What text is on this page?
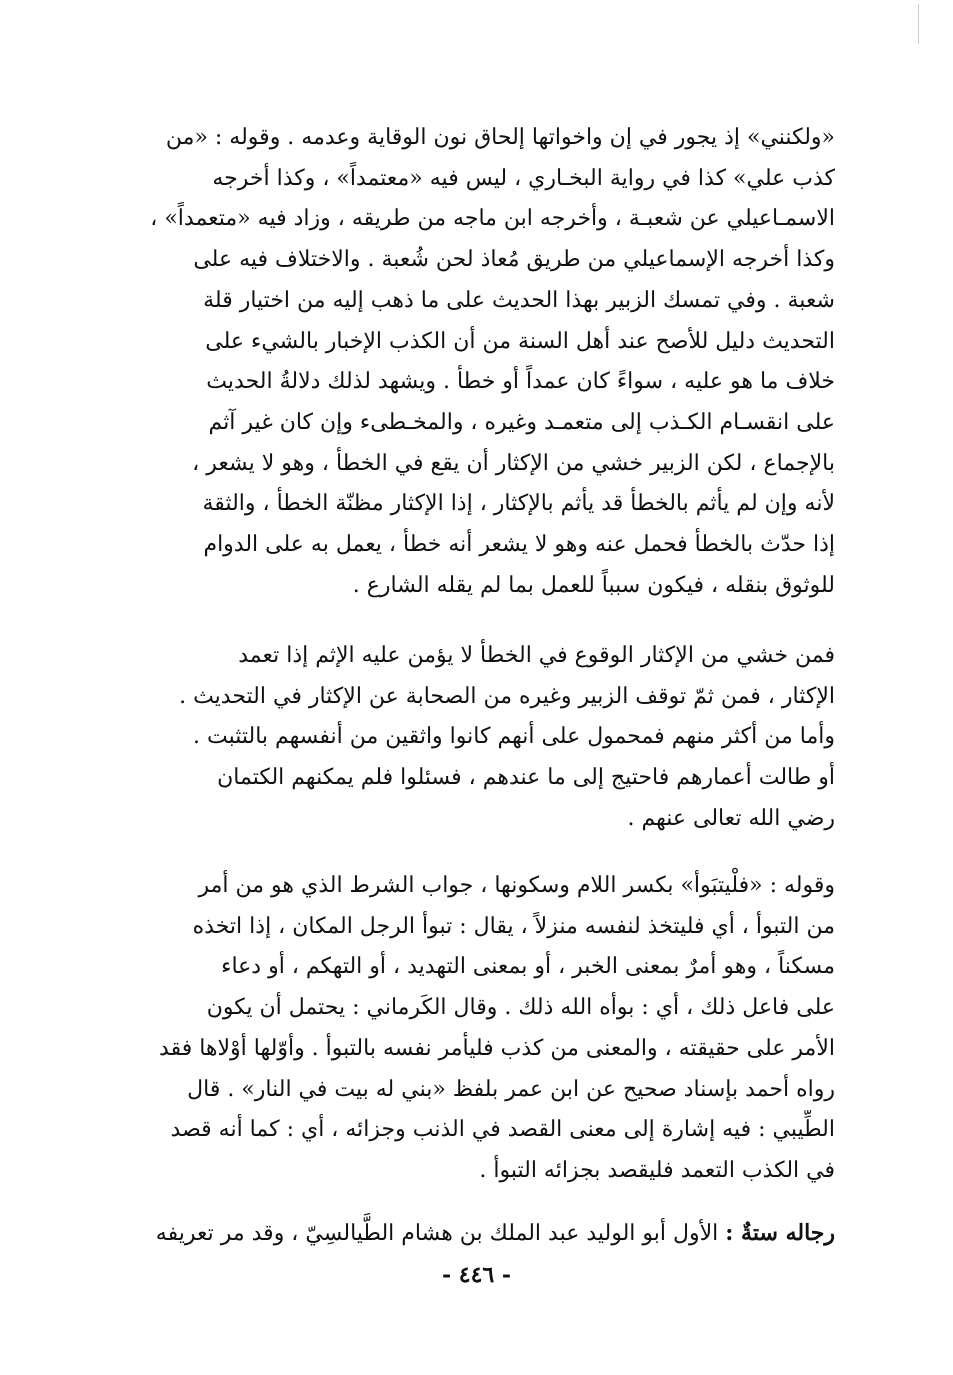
«ولكنني» إذ يجور في إن واخواتها إلحاق نون الوقاية وعدمه . وقوله : «من
كذب علي» كذا في رواية البخـاري ، ليس فيه «معتمداً» ، وكذا أخرجه
الاسمـاعيلي عن شعبـة ، وأخرجه ابن ماجه من طريقه ، وزاد فيه «متعمداً» ،
وكذا أخرجه الإسماعيلي من طريق مُعاذ لحن شُعبة . والاختلاف فيه على
شعبة . وفي تمسك الزبير بهذا الحديث على ما ذهب إليه من اختيار قلة
التحديث دليل للأصح عند أهل السنة من أن الكذب الإخبار بالشيء على
خلاف ما هو عليه ، سواءً كان عمداً أو خطأ . ويشهد لذلك دلالةُ الحديث
على انقسـام الكـذب إلى متعمـد وغيره ، والمخـطىء وإن كان غير آثم
بالإجماع ، لكن الزبير خشي من الإكثار أن يقع في الخطأ ، وهو لا يشعر ،
لأنه وإن لم يأثم بالخطأ قد يأثم بالإكثار ، إذا الإكثار مظنّة الخطأ ، والثقة
إذا حدّث بالخطأ فحمل عنه وهو لا يشعر أنه خطأ ، يعمل به على الدوام
للوثوق بنقله ، فيكون سبباً للعمل بما لم يقله الشارع .
فمن خشي من الإكثار الوقوع في الخطأ لا يؤمن عليه الإثم إذا تعمد
الإكثار ، فمن ثمّ توقف الزبير وغيره من الصحابة عن الإكثار في التحديث .
وأما من أكثر منهم فمحمول على أنهم كانوا واثقين من أنفسهم بالتثبت .
أو طالت أعمارهم فاحتيج إلى ما عندهم ، فسئلوا فلم يمكنهم الكتمان
رضي الله تعالى عنهم .
وقوله : «فلْيتبَوأ» بكسر اللام وسكونها ، جواب الشرط الذي هو من أمر
من التبوأ ، أي فليتخذ لنفسه منزلاً ، يقال : تبوأ الرجل المكان ، إذا اتخذه
مسكناً ، وهو أمرٌ بمعنى الخبر ، أو بمعنى التهديد ، أو التهكم ، أو دعاء
على فاعل ذلك ، أي : بوأه الله ذلك . وقال الكَرماني : يحتمل أن يكون
الأمر على حقيقته ، والمعنى من كذب فليأمر نفسه بالتبوأ . وأوّلها أوْلاها فقد
رواه أحمد بإسناد صحيح عن ابن عمر بلفظ «بني له بيت في النار» . قال
الطِّيبي : فيه إشارة إلى معنى القصد في الذنب وجزائه ، أي : كما أنه قصد
في الكذب التعمد فليقصد بجزائه التبوأ .
رجاله ستةٌ : الأول أبو الوليد عبد الملك بن هشام الطَّيالسِيّ ، وقد مر تعريفه
- ٤٤٦ -
